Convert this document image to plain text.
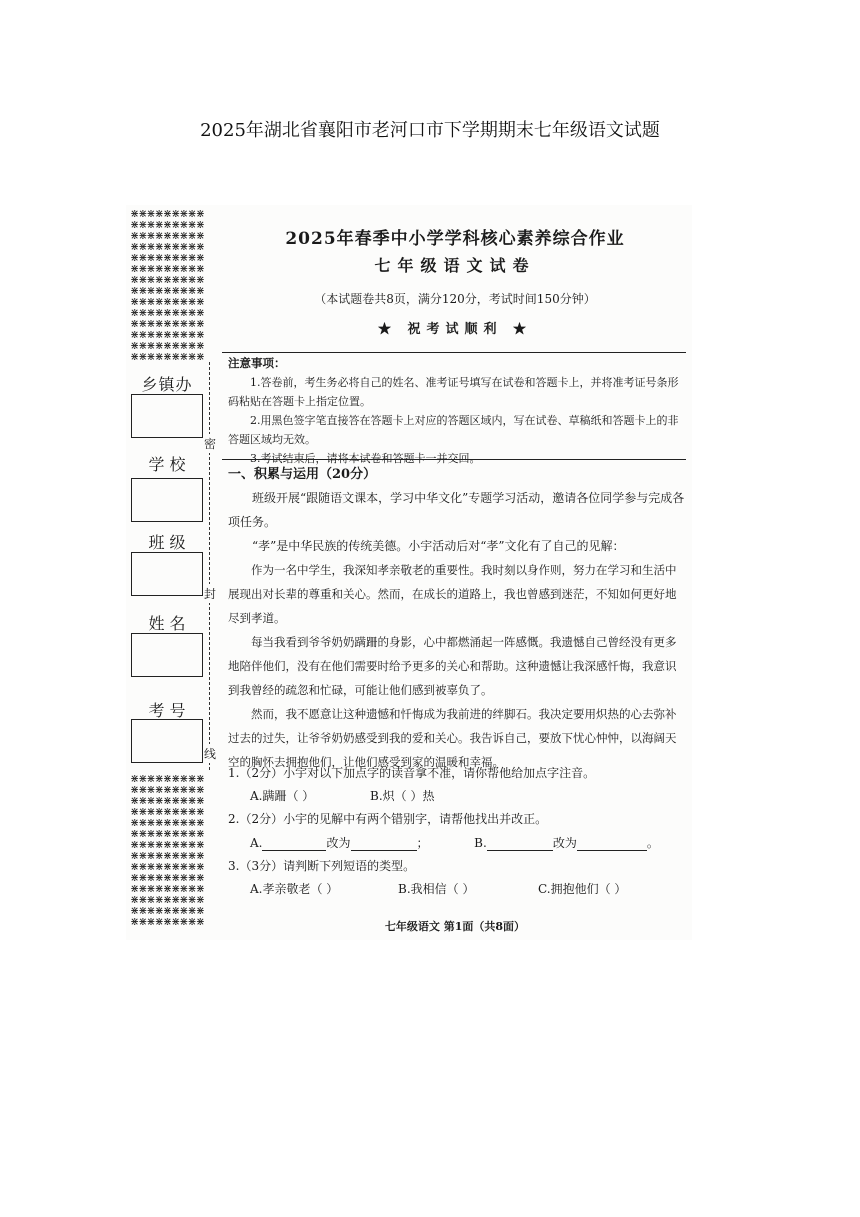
2025年湖北省襄阳市老河口市下学期期末七年级语文试题
⋇⋇⋇⋇⋇⋇⋇⋇⋇⋇⋇⋇⋇⋇⋇⋇⋇⋇⋇⋇⋇⋇⋇⋇⋇⋇⋇⋇⋇⋇⋇⋇⋇⋇⋇⋇⋇⋇⋇⋇⋇⋇⋇⋇⋇⋇⋇⋇⋇⋇⋇⋇⋇⋇⋇⋇⋇⋇⋇⋇⋇⋇⋇⋇⋇⋇⋇⋇⋇⋇⋇⋇⋇⋇⋇⋇⋇⋇⋇⋇⋇⋇⋇⋇⋇⋇⋇⋇⋇⋇⋇⋇⋇⋇⋇⋇⋇⋇⋇⋇⋇⋇⋇⋇⋇⋇⋇⋇⋇⋇⋇⋇⋇⋇⋇⋇⋇⋇⋇⋇⋇⋇⋇⋇⋇⋇
⋇⋇⋇⋇⋇⋇⋇⋇⋇⋇⋇⋇⋇⋇⋇⋇⋇⋇⋇⋇⋇⋇⋇⋇⋇⋇⋇⋇⋇⋇⋇⋇⋇⋇⋇⋇⋇⋇⋇⋇⋇⋇⋇⋇⋇⋇⋇⋇⋇⋇⋇⋇⋇⋇⋇⋇⋇⋇⋇⋇⋇⋇⋇⋇⋇⋇⋇⋇⋇⋇⋇⋇⋇⋇⋇⋇⋇⋇⋇⋇⋇⋇⋇⋇⋇⋇⋇⋇⋇⋇⋇⋇⋇⋇⋇⋇⋇⋇⋇⋇⋇⋇⋇⋇⋇⋇⋇⋇⋇⋇⋇⋇⋇⋇⋇⋇⋇⋇⋇⋇⋇⋇⋇⋇⋇⋇
乡镇办
学 校
班 级
姓 名
考 号
密
封
线
2025年春季中小学学科核心素养综合作业
七年级语文试卷
（本试题卷共8页，满分120分，考试时间150分钟）
★ 祝考试顺利 ★
注意事项：

1.答卷前，考生务必将自己的姓名、准考证号填写在试卷和答题卡上，并将准考证号条形码粘贴在答题卡上指定位置。

2.用黑色签字笔直接答在答题卡上对应的答题区域内，写在试卷、草稿纸和答题卡上的非答题区域均无效。

3.考试结束后，请将本试卷和答题卡一并交回。

一、积累与运用（20分）

班级开展“跟随语文课本，学习中华文化”专题学习活动，邀请各位同学参与完成各项任务。

“孝”是中华民族的传统美德。小宇活动后对“孝”文化有了自己的见解：

作为一名中学生，我深知孝亲敬老的重要性。我时刻以身作则，努力在学习和生活中展现出对长辈的尊重和关心。然而，在成长的道路上，我也曾感到迷茫，不知如何更好地尽到孝道。

每当我看到爷爷奶奶蹒跚的身影，心中都燃涌起一阵感慨。我遗憾自己曾经没有更多地陪伴他们，没有在他们需要时给予更多的关心和帮助。这种遗憾让我深感忏悔，我意识到我曾经的疏忽和忙碌，可能让他们感到被辜负了。

然而，我不愿意让这种遗憾和忏悔成为我前进的绊脚石。我决定要用炽热的心去弥补过去的过失，让爷爷奶奶感受到我的爱和关心。我告诉自己，要放下忧心忡忡，以海阔天空的胸怀去拥抱他们，让他们感受到家的温暖和幸福。

1.（2分）小宇对以下加点字的读音拿不准，请你帮他给加点字注音。
A.蹒跚（ ）	B.炽（ ）热
2.（2分）小宇的见解中有两个错别字，请帮他找出并改正。
A.	改为	；	B.	改为	。
3.（3分）请判断下列短语的类型。
A.孝亲敬老（ ）	B.我相信（ ）	C.拥抱他们（ ）
七年级语文 第1面（共8面）
